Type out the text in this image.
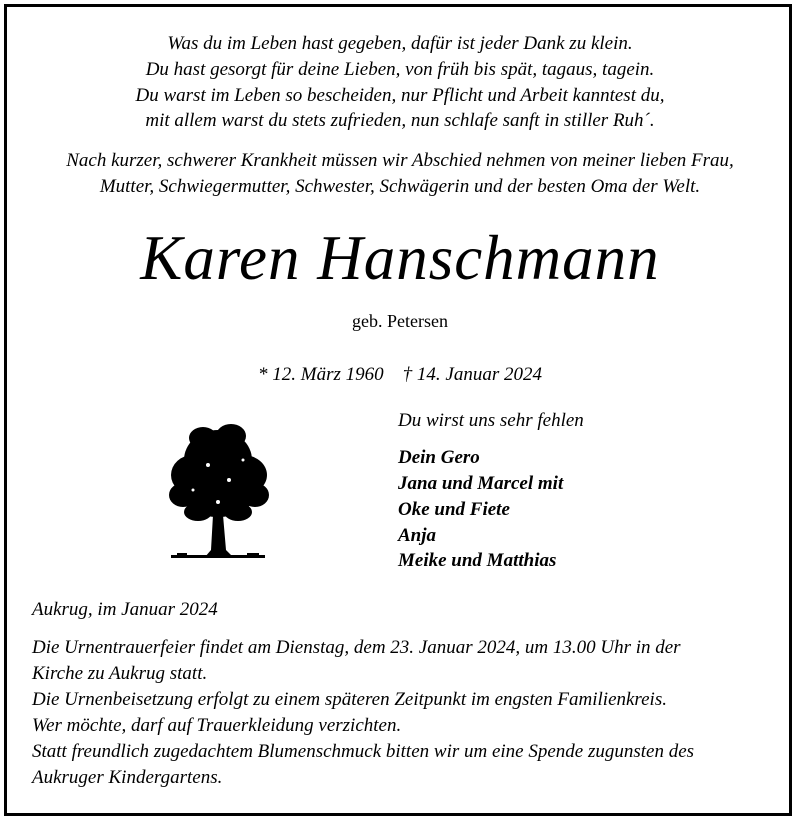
Was du im Leben hast gegeben, dafür ist jeder Dank zu klein.
Du hast gesorgt für deine Lieben, von früh bis spät, tagaus, tagein.
Du warst im Leben so bescheiden, nur Pflicht und Arbeit kanntest du,
mit allem warst du stets zufrieden, nun schlafe sanft in stiller Ruh´.
Nach kurzer, schwerer Krankheit müssen wir Abschied nehmen von meiner lieben Frau,
Mutter, Schwiegermutter, Schwester, Schwägerin und der besten Oma der Welt.
Karen Hanschmann
geb. Petersen
* 12. März 1960    † 14. Januar 2024
Du wirst uns sehr fehlen
Dein Gero
Jana und Marcel mit
Oke und Fiete
Anja
Meike und Matthias
Aukrug, im Januar 2024
Die Urnentrauerfeier findet am Dienstag, dem 23. Januar 2024, um 13.00 Uhr in der
Kirche zu Aukrug statt.
Die Urnenbeisetzung erfolgt zu einem späteren Zeitpunkt im engsten Familienkreis.
Wer möchte, darf auf Trauerkleidung verzichten.
Statt freundlich zugedachtem Blumenschmuck bitten wir um eine Spende zugunsten des
Aukruger Kindergartens.
